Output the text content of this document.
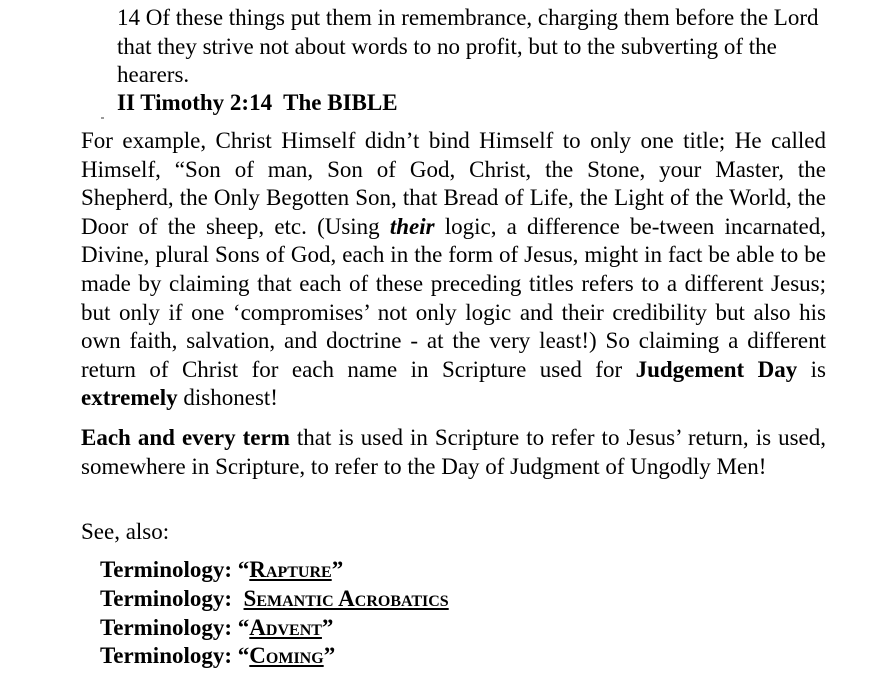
14 Of these things put them in remembrance, charging them before the Lord that they strive not about words to no profit, but to the subverting of the hearers.
II Timothy 2:14  The BIBLE
For example, Christ Himself didn’t bind Himself to only one title; He called Himself, “Son of man, Son of God, Christ, the Stone, your Master, the Shepherd, the Only Begotten Son, that Bread of Life, the Light of the World, the Door of the sheep, etc. (Using their logic, a difference be-tween incarnated, Divine, plural Sons of God, each in the form of Jesus, might in fact be able to be made by claiming that each of these preceding titles refers to a different Jesus; but only if one ‘compromises’ not only logic and their credibility but also his own faith, salvation, and doctrine - at the very least!) So claiming a different return of Christ for each name in Scripture used for Judgement Day is extremely dishonest!
Each and every term that is used in Scripture to refer to Jesus’ return, is used, somewhere in Scripture, to refer to the Day of Judgment of Ungodly Men!
See, also:
Terminology: “Rapture”
Terminology:  Semantic Acrobatics
Terminology: “Advent”
Terminology: “Coming”
